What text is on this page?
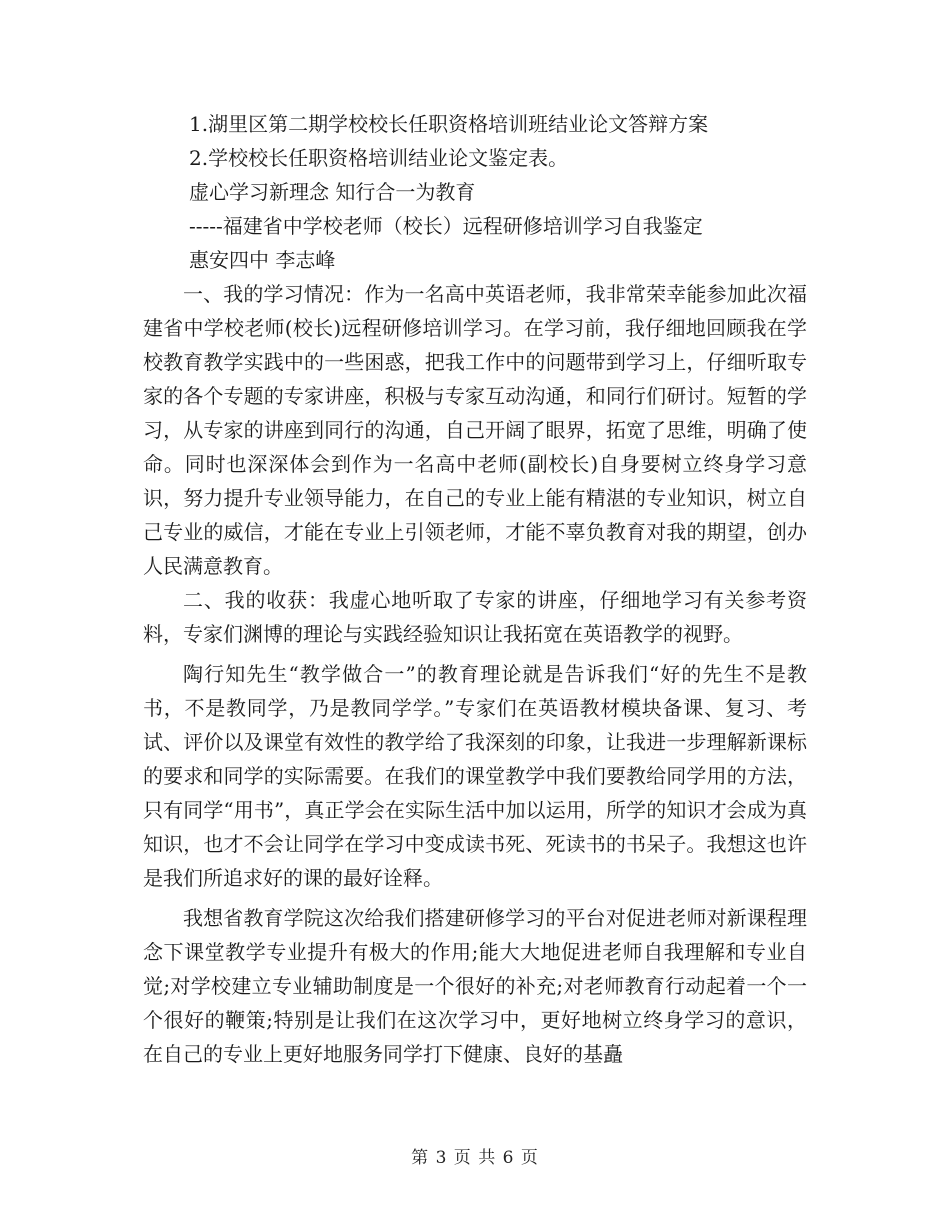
1.湖里区第二期学校校长任职资格培训班结业论文答辩方案

2.学校校长任职资格培训结业论文鉴定表。

虚心学习新理念 知行合一为教育

-----福建省中学校老师（校长）远程研修培训学习自我鉴定

惠安四中 李志峰

一、我的学习情况：作为一名高中英语老师，我非常荣幸能参加此次福建省中学校老师(校长)远程研修培训学习。在学习前，我仔细地回顾我在学校教育教学实践中的一些困惑，把我工作中的问题带到学习上，仔细听取专家的各个专题的专家讲座，积极与专家互动沟通，和同行们研讨。短暂的学习，从专家的讲座到同行的沟通，自己开阔了眼界，拓宽了思维，明确了使命。同时也深深体会到作为一名高中老师(副校长)自身要树立终身学习意识，努力提升专业领导能力，在自己的专业上能有精湛的专业知识，树立自己专业的威信，才能在专业上引领老师，才能不辜负教育对我的期望，创办人民满意教育。

二、我的收获：我虚心地听取了专家的讲座，仔细地学习有关参考资料，专家们渊博的理论与实践经验知识让我拓宽在英语教学的视野。

陶行知先生“教学做合一”的教育理论就是告诉我们“好的先生不是教书，不是教同学，乃是教同学学。”专家们在英语教材模块备课、复习、考试、评价以及课堂有效性的教学给了我深刻的印象，让我进一步理解新课标的要求和同学的实际需要。在我们的课堂教学中我们要教给同学用的方法，只有同学“用书”，真正学会在实际生活中加以运用，所学的知识才会成为真知识，也才不会让同学在学习中变成读书死、死读书的书呆子。我想这也许是我们所追求好的课的最好诠释。

我想省教育学院这次给我们搭建研修学习的平台对促进老师对新课程理念下课堂教学专业提升有极大的作用;能大大地促进老师自我理解和专业自觉;对学校建立专业辅助制度是一个很好的补充;对老师教育行动起着一个一个很好的鞭策;特别是让我们在这次学习中，更好地树立终身学习的意识，在自己的专业上更好地服务同学打下健康、良好的基矗

第 3 页 共 6 页
